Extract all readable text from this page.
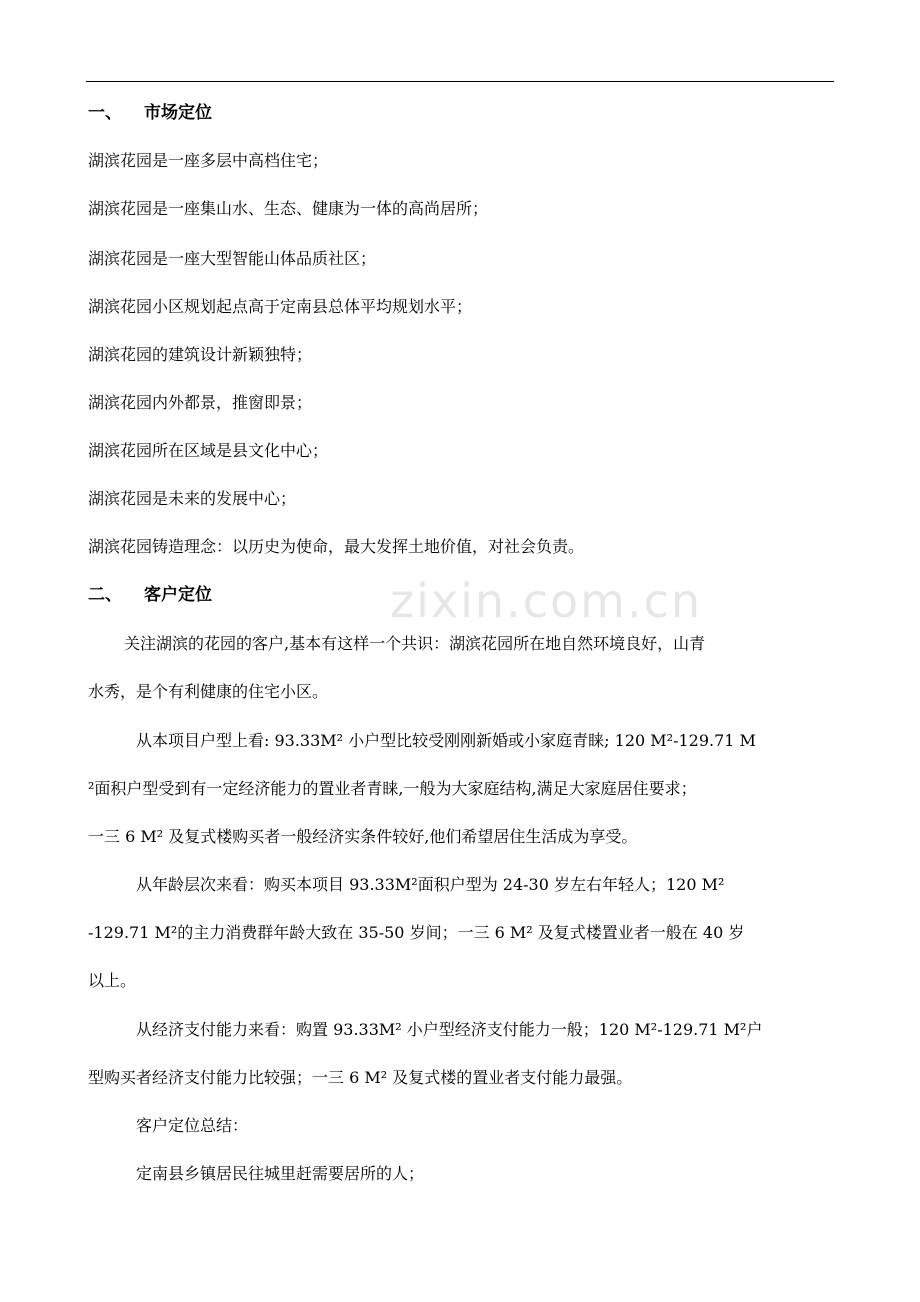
zixin.com.cn
一、 市场定位
湖滨花园是一座多层中高档住宅；
湖滨花园是一座集山水、生态、健康为一体的高尚居所；
湖滨花园是一座大型智能山体品质社区；
湖滨花园小区规划起点高于定南县总体平均规划水平；
湖滨花园的建筑设计新颖独特；
湖滨花园内外都景，推窗即景；
湖滨花园所在区域是县文化中心；
湖滨花园是未来的发展中心；
湖滨花园铸造理念：以历史为使命，最大发挥土地价值，对社会负责。
二、 客户定位
关注湖滨的花园的客户,基本有这样一个共识：湖滨花园所在地自然环境良好，山青
水秀，是个有利健康的住宅小区。
从本项目户型上看: 93.33M² 小户型比较受刚刚新婚或小家庭青睐; 120 M²-129.71 M
²面积户型受到有一定经济能力的置业者青睐,一般为大家庭结构,满足大家庭居住要求；
一三 6 M² 及复式楼购买者一般经济实条件较好,他们希望居住生活成为享受。
从年龄层次来看：购买本项目 93.33M²面积户型为 24-30 岁左右年轻人；120 M²
-129.71 M²的主力消费群年龄大致在 35-50 岁间；一三 6 M² 及复式楼置业者一般在 40 岁
以上。
从经济支付能力来看：购置 93.33M² 小户型经济支付能力一般；120 M²-129.71 M²户
型购买者经济支付能力比较强；一三 6 M² 及复式楼的置业者支付能力最强。
客户定位总结：
定南县乡镇居民往城里赶需要居所的人；
